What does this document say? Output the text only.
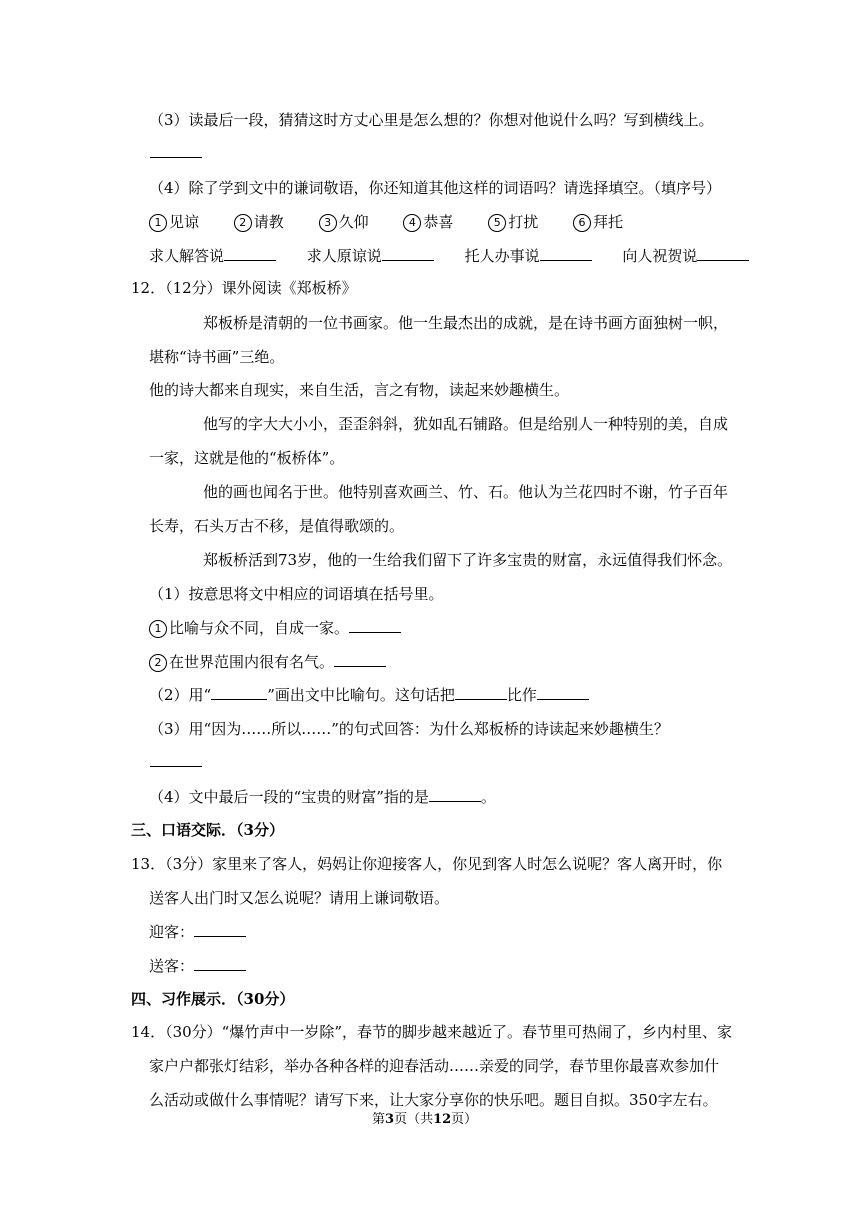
（3）读最后一段，猜猜这时方丈心里是怎么想的？你想对他说什么吗？写到横线上。
（4）除了学到文中的谦词敬语，你还知道其他这样的词语吗？请选择填空。（填序号）
1 见谅	2 请教	3 久仰	4 恭喜	5 打扰	6 拜托
求人解答说	求人原谅说	托人办事说	向人祝贺说
12．（12分）课外阅读《郑板桥》
郑板桥是清朝的一位书画家。他一生最杰出的成就，是在诗书画方面独树一帜，
堪称“诗书画”三绝。
他的诗大都来自现实，来自生活，言之有物，读起来妙趣横生。
他写的字大大小小，歪歪斜斜，犹如乱石铺路。但是给别人一种特别的美，自成
一家，这就是他的“板桥体”。
他的画也闻名于世。他特别喜欢画兰、竹、石。他认为兰花四时不谢，竹子百年
长寿，石头万古不移，是值得歌颂的。
郑板桥活到73岁，他的一生给我们留下了许多宝贵的财富，永远值得我们怀念。
（1）按意思将文中相应的词语填在括号里。
1 比喻与众不同，自成一家。
2 在世界范围内很有名气。
（2）用“	”画出文中比喻句。这句话把	比作
（3）用“因为……所以……”的句式回答：为什么郑板桥的诗读起来妙趣横生？
（4）文中最后一段的“宝贵的财富”指的是	。
三、口语交际．（3分）
13．（3分）家里来了客人，妈妈让你迎接客人，你见到客人时怎么说呢？客人离开时，你
送客人出门时又怎么说呢？请用上谦词敬语。
迎客：
送客：
四、习作展示．（30分）
14．（30分）“爆竹声中一岁除”，春节的脚步越来越近了。春节里可热闹了，乡内村里、家
家户户都张灯结彩，举办各种各样的迎春活动……亲爱的同学，春节里你最喜欢参加什
么活动或做什么事情呢？请写下来，让大家分享你的快乐吧。题目自拟。350字左右。
第3页（共12页）
